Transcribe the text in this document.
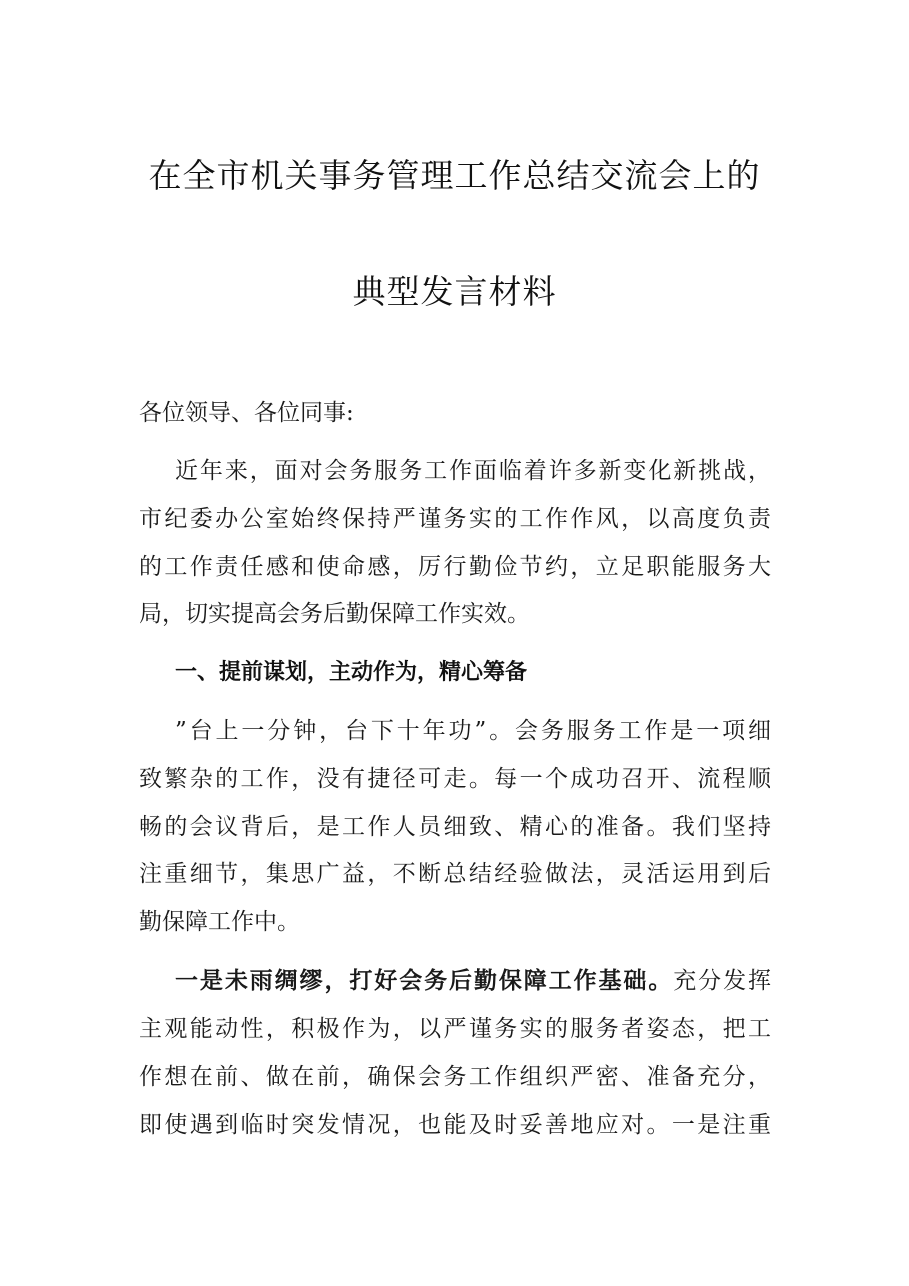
在全市机关事务管理工作总结交流会上的
典型发言材料
各位领导、各位同事:
近年来，面对会务服务工作面临着许多新变化新挑战，
市纪委办公室始终保持严谨务实的工作作风，以高度负责
的工作责任感和使命感，厉行勤俭节约，立足职能服务大
局，切实提高会务后勤保障工作实效。
一、提前谋划，主动作为，精心筹备
”台上一分钟，台下十年功”。会务服务工作是一项细
致繁杂的工作，没有捷径可走。每一个成功召开、流程顺
畅的会议背后，是工作人员细致、精心的准备。我们坚持
注重细节，集思广益，不断总结经验做法，灵活运用到后
勤保障工作中。
一是未雨绸缪，打好会务后勤保障工作基础。充分发挥
主观能动性，积极作为，以严谨务实的服务者姿态，把工
作想在前、做在前，确保会务工作组织严密、准备充分，
即使遇到临时突发情况，也能及时妥善地应对。一是注重
